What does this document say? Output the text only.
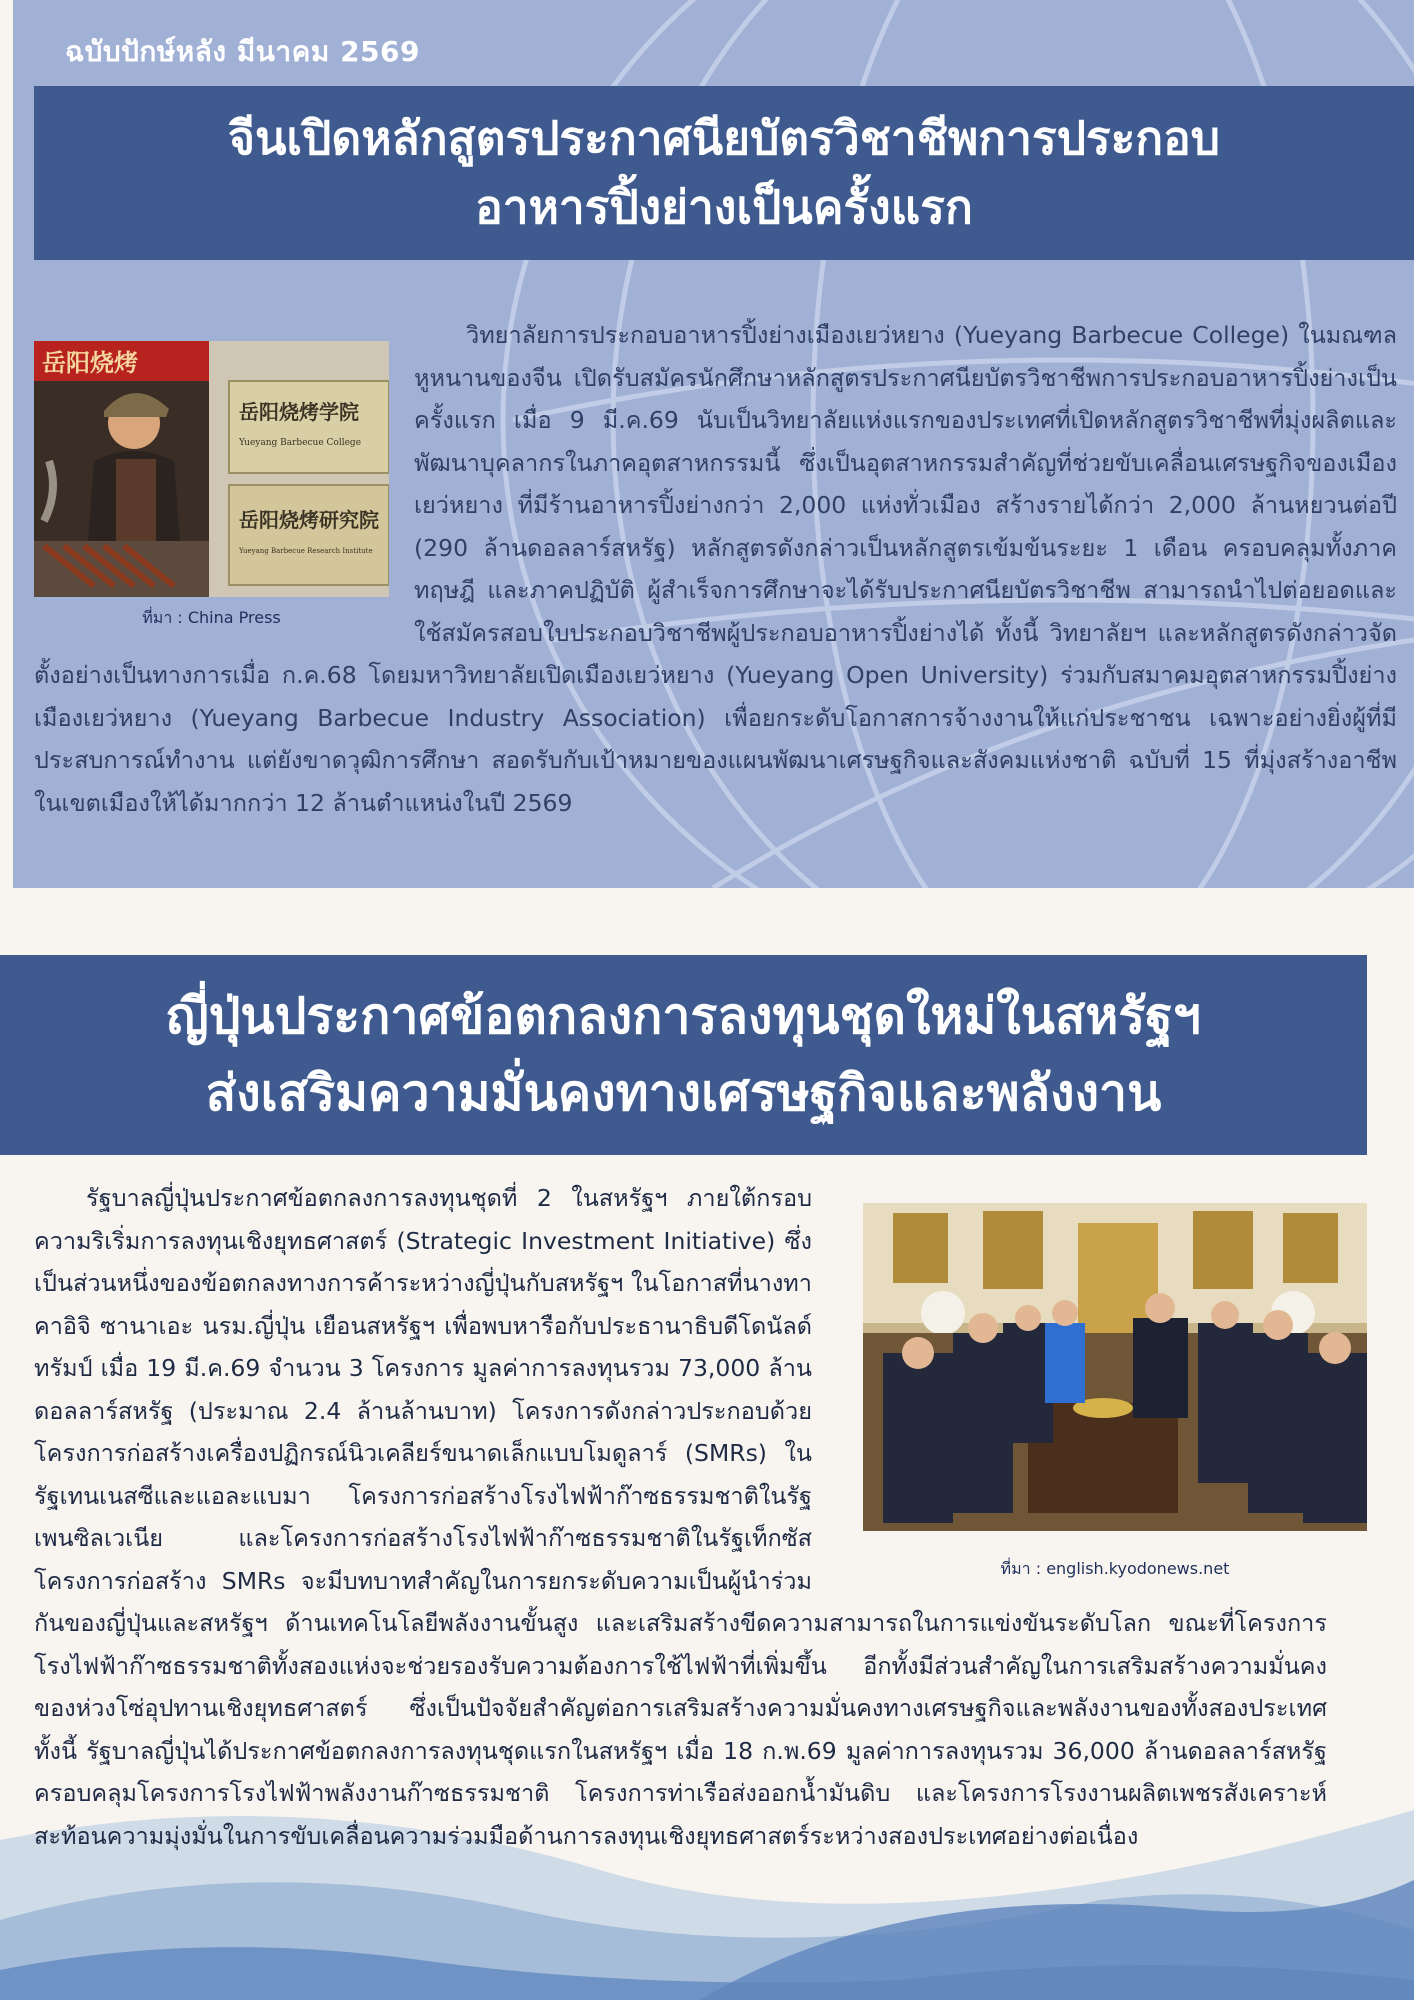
ฉบับปักษ์หลัง มีนาคม 2569

จีนเปิดหลักสูตรประกาศนียบัตรวิชาชีพการประกอบ
อาหารปิ้งย่างเป็นครั้งแรก
岳阳烧烤
岳阳烧烤学院
Yueyang Barbecue College
岳阳烧烤研究院
Yueyang Barbecue Research Institute

ที่มา : China Press

วิทยาลัยการประกอบอาหารปิ้งย่างเมืองเยว่หยาง (Yueyang Barbecue College) ในมณฑลหูหนานของจีน เปิดรับสมัครนักศึกษาหลักสูตรประกาศนียบัตรวิชาชีพการประกอบอาหารปิ้งย่างเป็นครั้งแรก เมื่อ 9 มี.ค.69 นับเป็นวิทยาลัยแห่งแรกของประเทศที่เปิดหลักสูตรวิชาชีพที่มุ่งผลิตและพัฒนาบุคลากรในภาคอุตสาหกรรมนี้ ซึ่งเป็นอุตสาหกรรมสำคัญที่ช่วยขับเคลื่อนเศรษฐกิจของเมืองเยว่หยาง ที่มีร้านอาหารปิ้งย่างกว่า 2,000 แห่งทั่วเมือง สร้างรายได้กว่า 2,000 ล้านหยวนต่อปี (290 ล้านดอลลาร์สหรัฐ) หลักสูตรดังกล่าวเป็นหลักสูตรเข้มข้นระยะ 1 เดือน ครอบคลุมทั้งภาคทฤษฎี และภาคปฏิบัติ ผู้สำเร็จการศึกษาจะได้รับประกาศนียบัตรวิชาชีพ สามารถนำไปต่อยอดและใช้สมัครสอบใบประกอบวิชาชีพผู้ประกอบอาหารปิ้งย่างได้ ทั้งนี้ วิทยาลัยฯ และหลักสูตรดังกล่าวจัดตั้งอย่างเป็นทางการเมื่อ ก.ค.68 โดยมหาวิทยาลัยเปิดเมืองเยว่หยาง (Yueyang Open University) ร่วมกับสมาคมอุตสาหกรรมปิ้งย่างเมืองเยว่หยาง (Yueyang Barbecue Industry Association) เพื่อยกระดับโอกาสการจ้างงานให้แก่ประชาชน เฉพาะอย่างยิ่งผู้ที่มีประสบการณ์ทำงาน แต่ยังขาดวุฒิการศึกษา สอดรับกับเป้าหมายของแผนพัฒนาเศรษฐกิจและสังคมแห่งชาติ ฉบับที่ 15 ที่มุ่งสร้างอาชีพในเขตเมืองให้ได้มากกว่า 12 ล้านตำแหน่งในปี 2569

ญี่ปุ่นประกาศข้อตกลงการลงทุนชุดใหม่ในสหรัฐฯ
ส่งเสริมความมั่นคงทางเศรษฐกิจและพลังงาน

ที่มา : english.kyodonews.net

รัฐบาลญี่ปุ่นประกาศข้อตกลงการลงทุนชุดที่ 2 ในสหรัฐฯ ภายใต้กรอบความริเริ่มการลงทุนเชิงยุทธศาสตร์ (Strategic Investment Initiative) ซึ่งเป็นส่วนหนึ่งของข้อตกลงทางการค้าระหว่างญี่ปุ่นกับสหรัฐฯ ในโอกาสที่นางทาคาอิจิ ซานาเอะ นรม.ญี่ปุ่น เยือนสหรัฐฯ เพื่อพบหารือกับประธานาธิบดีโดนัลด์ ทรัมป์ เมื่อ 19 มี.ค.69 จำนวน 3 โครงการ มูลค่าการลงทุนรวม 73,000 ล้านดอลลาร์สหรัฐ (ประมาณ 2.4 ล้านล้านบาท) โครงการดังกล่าวประกอบด้วยโครงการก่อสร้างเครื่องปฏิกรณ์นิวเคลียร์ขนาดเล็กแบบโมดูลาร์ (SMRs) ในรัฐเทนเนสซีและแอละแบมา โครงการก่อสร้างโรงไฟฟ้าก๊าซธรรมชาติในรัฐเพนซิลเวเนีย และโครงการก่อสร้างโรงไฟฟ้าก๊าซธรรมชาติในรัฐเท็กซัส โครงการก่อสร้าง SMRs จะมีบทบาทสำคัญในการยกระดับความเป็นผู้นำร่วมกันของญี่ปุ่นและสหรัฐฯ ด้านเทคโนโลยีพลังงานขั้นสูง และเสริมสร้างขีดความสามารถในการแข่งขันระดับโลก ขณะที่โครงการโรงไฟฟ้าก๊าซธรรมชาติทั้งสองแห่งจะช่วยรองรับความต้องการใช้ไฟฟ้าที่เพิ่มขึ้น อีกทั้งมีส่วนสำคัญในการเสริมสร้างความมั่นคงของห่วงโซ่อุปทานเชิงยุทธศาสตร์ ซึ่งเป็นปัจจัยสำคัญต่อการเสริมสร้างความมั่นคงทางเศรษฐกิจและพลังงานของทั้งสองประเทศ ทั้งนี้ รัฐบาลญี่ปุ่นได้ประกาศข้อตกลงการลงทุนชุดแรกในสหรัฐฯ เมื่อ 18 ก.พ.69 มูลค่าการลงทุนรวม 36,000 ล้านดอลลาร์สหรัฐ ครอบคลุมโครงการโรงไฟฟ้าพลังงานก๊าซธรรมชาติ โครงการท่าเรือส่งออกน้ำมันดิบ และโครงการโรงงานผลิตเพชรสังเคราะห์สะท้อนความมุ่งมั่นในการขับเคลื่อนความร่วมมือด้านการลงทุนเชิงยุทธศาสตร์ระหว่างสองประเทศอย่างต่อเนื่อง
